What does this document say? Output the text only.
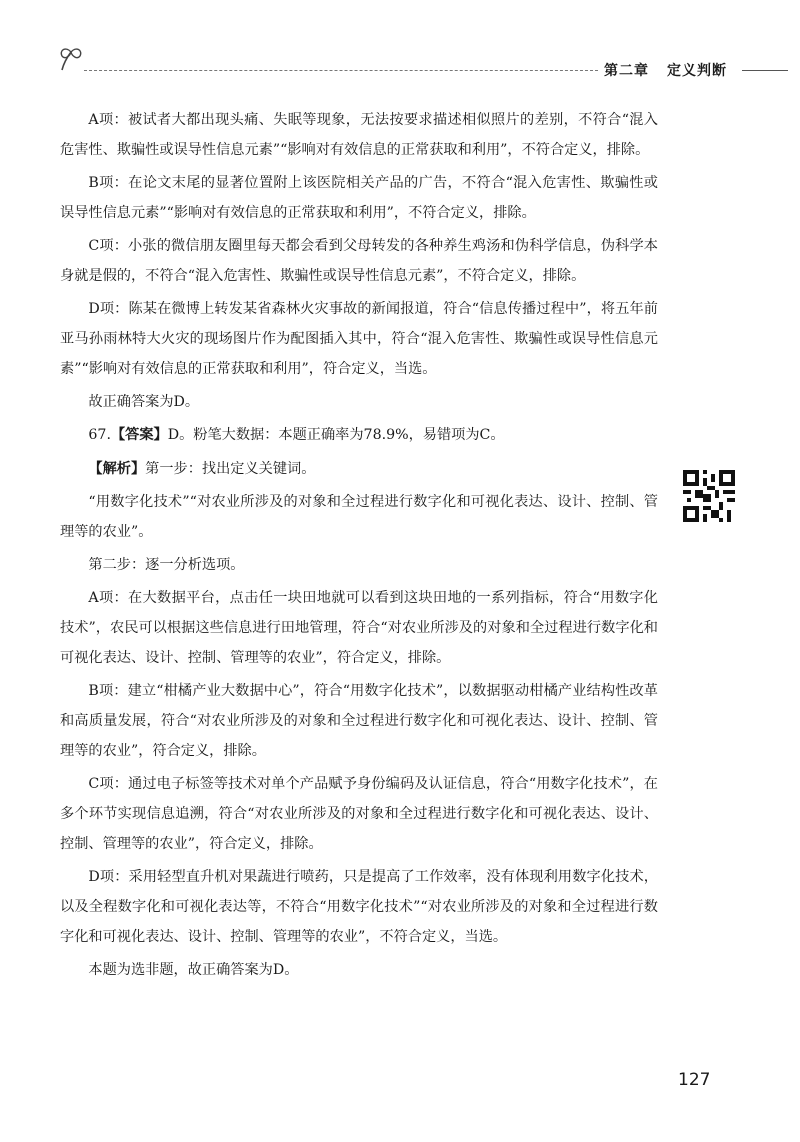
第二章 定义判断

A项：被试者大都出现头痛、失眠等现象，无法按要求描述相似照片的差别，不符合“混入危害性、欺骗性或误导性信息元素”“影响对有效信息的正常获取和利用”，不符合定义，排除。

B项：在论文末尾的显著位置附上该医院相关产品的广告，不符合“混入危害性、欺骗性或误导性信息元素”“影响对有效信息的正常获取和利用”，不符合定义，排除。

C项：小张的微信朋友圈里每天都会看到父母转发的各种养生鸡汤和伪科学信息，伪科学本身就是假的，不符合“混入危害性、欺骗性或误导性信息元素”，不符合定义，排除。

D项：陈某在微博上转发某省森林火灾事故的新闻报道，符合“信息传播过程中”，将五年前亚马孙雨林特大火灾的现场图片作为配图插入其中，符合“混入危害性、欺骗性或误导性信息元素”“影响对有效信息的正常获取和利用”，符合定义，当选。

故正确答案为D。

67.【答案】D。粉笔大数据：本题正确率为78.9%，易错项为C。

【解析】第一步：找出定义关键词。

“用数字化技术”“对农业所涉及的对象和全过程进行数字化和可视化表达、设计、控制、管理等的农业”。

第二步：逐一分析选项。

A项：在大数据平台，点击任一块田地就可以看到这块田地的一系列指标，符合“用数字化技术”，农民可以根据这些信息进行田地管理，符合“对农业所涉及的对象和全过程进行数字化和可视化表达、设计、控制、管理等的农业”，符合定义，排除。

B项：建立“柑橘产业大数据中心”，符合“用数字化技术”，以数据驱动柑橘产业结构性改革和高质量发展，符合“对农业所涉及的对象和全过程进行数字化和可视化表达、设计、控制、管理等的农业”，符合定义，排除。

C项：通过电子标签等技术对单个产品赋予身份编码及认证信息，符合“用数字化技术”，在多个环节实现信息追溯，符合“对农业所涉及的对象和全过程进行数字化和可视化表达、设计、控制、管理等的农业”，符合定义，排除。

D项：采用轻型直升机对果蔬进行喷药，只是提高了工作效率，没有体现利用数字化技术，以及全程数字化和可视化表达等，不符合“用数字化技术”“对农业所涉及的对象和全过程进行数字化和可视化表达、设计、控制、管理等的农业”，不符合定义，当选。

本题为选非题，故正确答案为D。

127
